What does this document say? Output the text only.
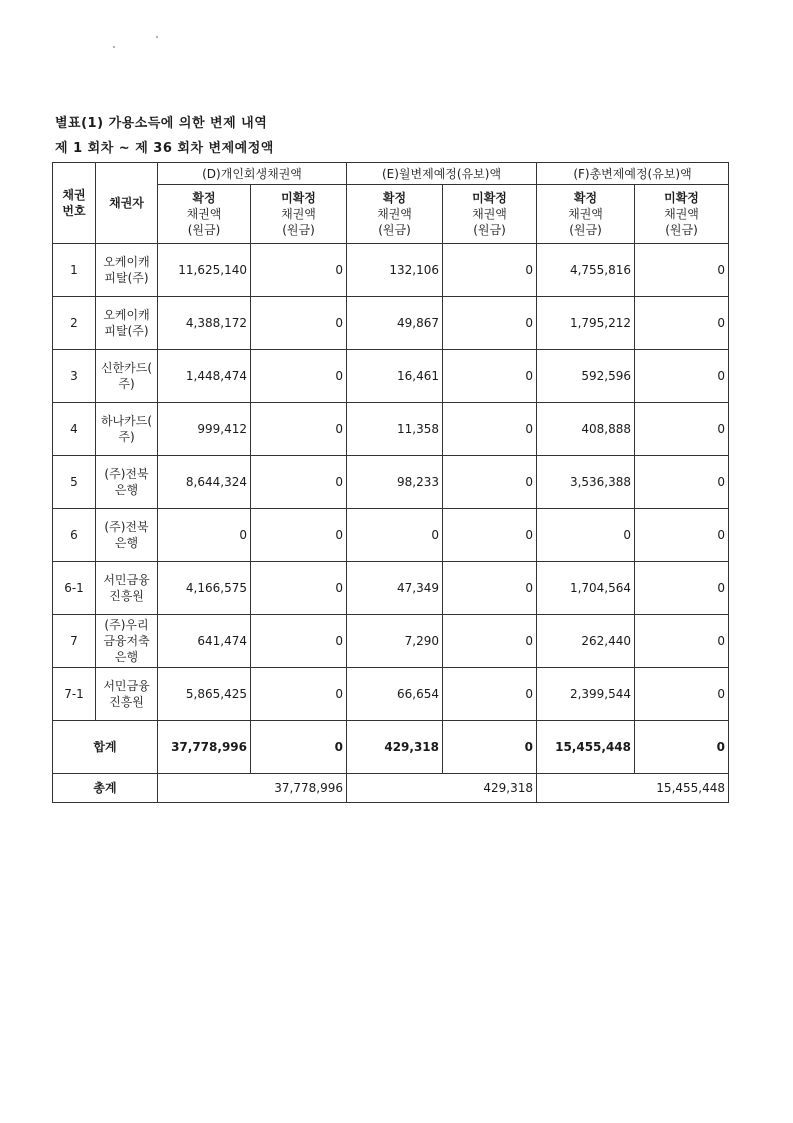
별표(1) 가용소득에 의한 변제 내역
제 1 회차 ~ 제 36 회차 변제예정액
채권
번호	채권자	(D)개인회생채권액		(E)월변제예정(유보)액		(F)총변제예정(유보)액	

		확정
채권액
(원금)	미확정
채권액
(원금)	확정
채권액
(원금)	미확정
채권액
(원금)	확정
채권액
(원금)	미확정
채권액
(원금)

1	오케이캐
피탈(주)	11,625,140	0	132,106	0	4,755,816	0
2	오케이캐
피탈(주)	4,388,172	0	49,867	0	1,795,212	0
3	신한카드(
주)	1,448,474	0	16,461	0	592,596	0
4	하나카드(
주)	999,412	0	11,358	0	408,888	0
5	(주)전북
은행	8,644,324	0	98,233	0	3,536,388	0
6	(주)전북
은행	0	0	0	0	0	0
6-1	서민금융
진흥원	4,166,575	0	47,349	0	1,704,564	0
7	(주)우리
금융저축
은행	641,474	0	7,290	0	262,440	0
7-1	서민금융
진흥원	5,865,425	0	66,654	0	2,399,544	0
합계		37,778,996	0	429,318	0	15,455,448	0
총계		37,778,996		429,318		15,455,448	
